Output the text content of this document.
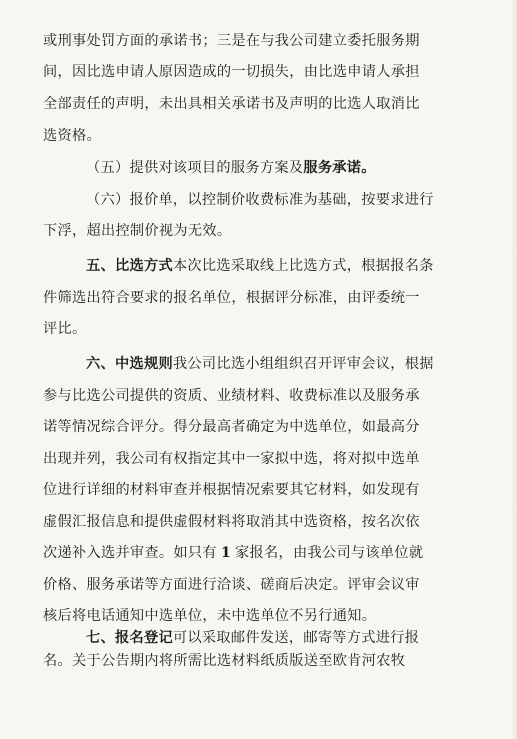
或刑事处罚方面的承诺书；三是在与我公司建立委托服务期
间，因比选申请人原因造成的一切损失，由比选申请人承担
全部责任的声明，未出具相关承诺书及声明的比选人取消比
选资格。
（五）提供对该项目的服务方案及服务承诺。
（六）报价单，以控制价收费标准为基础，按要求进行
下浮，超出控制价视为无效。
五、比选方式本次比选采取线上比选方式，根据报名条
件筛选出符合要求的报名单位，根据评分标准，由评委统一
评比。
六、中选规则我公司比选小组组织召开评审会议，根据
参与比选公司提供的资质、业绩材料、收费标准以及服务承
诺等情况综合评分。得分最高者确定为中选单位，如最高分
出现并列，我公司有权指定其中一家拟中选，将对拟中选单
位进行详细的材料审查并根据情况索要其它材料，如发现有
虚假汇报信息和提供虚假材料将取消其中选资格，按名次依
次递补入选并审查。如只有 1 家报名，由我公司与该单位就
价格、服务承诺等方面进行洽谈、磋商后决定。评审会议审
核后将电话通知中选单位，未中选单位不另行通知。
七、报名登记可以采取邮件发送，邮寄等方式进行报
名。关于公告期内将所需比选材料纸质版送至欧肯河农牧
